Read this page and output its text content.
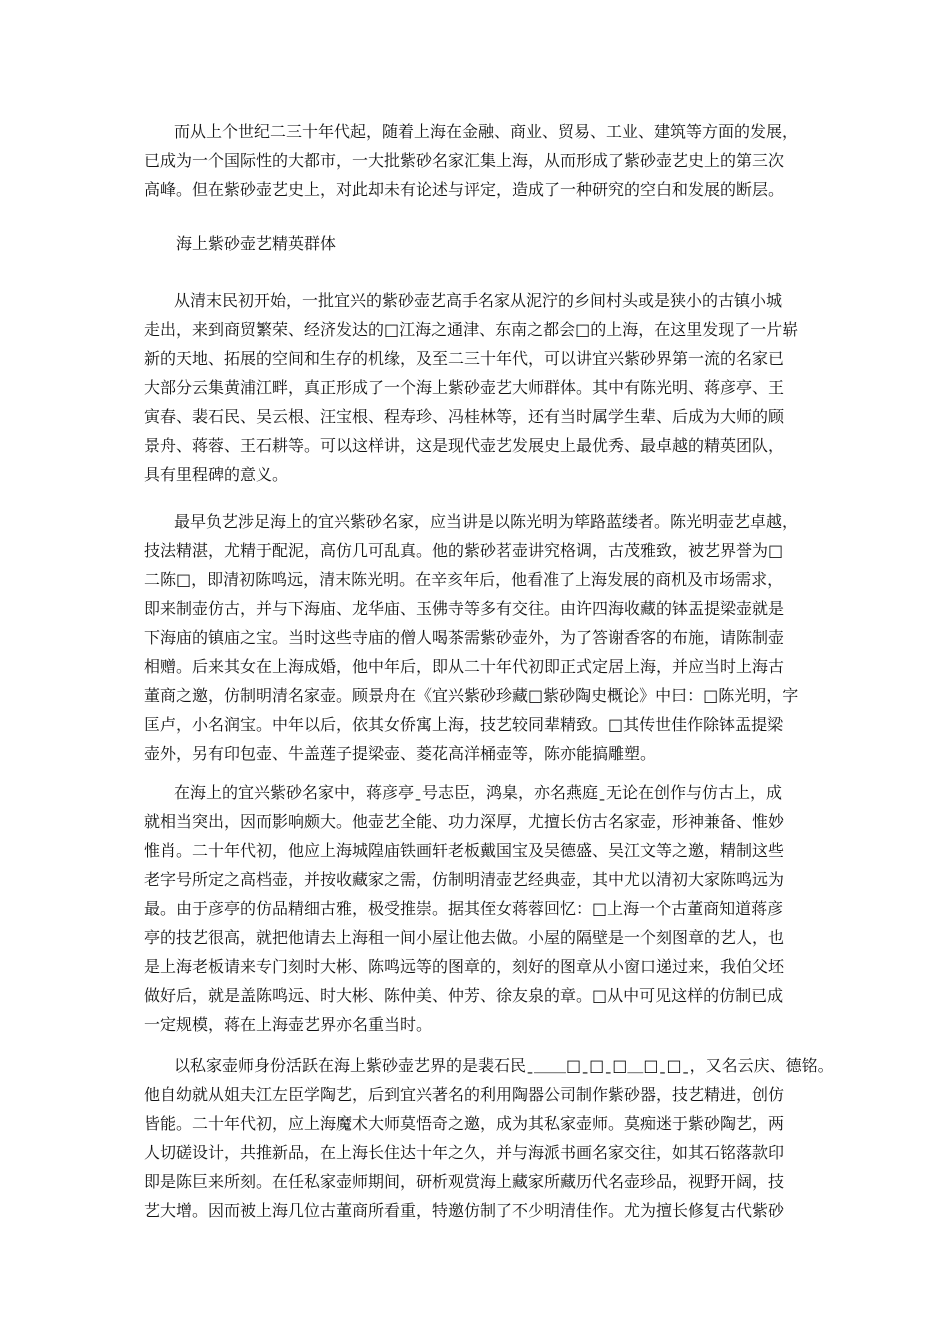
而从上个世纪二三十年代起，随着上海在金融、商业、贸易、工业、建筑等方面的发展，
已成为一个国际性的大都市，一大批紫砂名家汇集上海，从而形成了紫砂壶艺史上的第三次
高峰。但在紫砂壶艺史上，对此却未有论述与评定，造成了一种研究的空白和发展的断层。
海上紫砂壶艺精英群体
从清末民初开始，一批宜兴的紫砂壶艺高手名家从泥泞的乡间村头或是狭小的古镇小城
走出，来到商贸繁荣、经济发达的□江海之通津、东南之都会□的上海，在这里发现了一片崭
新的天地、拓展的空间和生存的机缘，及至二三十年代，可以讲宜兴紫砂界第一流的名家已
大部分云集黄浦江畔，真正形成了一个海上紫砂壶艺大师群体。其中有陈光明、蒋彦亭、王
寅春、裴石民、吴云根、汪宝根、程寿珍、冯桂林等，还有当时属学生辈、后成为大师的顾
景舟、蒋蓉、王石耕等。可以这样讲，这是现代壶艺发展史上最优秀、最卓越的精英团队，
具有里程碑的意义。
最早负艺涉足海上的宜兴紫砂名家，应当讲是以陈光明为筚路蓝缕者。陈光明壶艺卓越，
技法精湛，尤精于配泥，高仿几可乱真。他的紫砂茗壶讲究格调，古茂雅致，被艺界誉为□
二陈□，即清初陈鸣远，清末陈光明。在辛亥年后，他看准了上海发展的商机及市场需求，
即来制壶仿古，并与下海庙、龙华庙、玉佛寺等多有交往。由许四海收藏的钵盂提梁壶就是
下海庙的镇庙之宝。当时这些寺庙的僧人喝茶需紫砂壶外，为了答谢香客的布施，请陈制壶
相赠。后来其女在上海成婚，他中年后，即从二十年代初即正式定居上海，并应当时上海古
董商之邀，仿制明清名家壶。顾景舟在《宜兴紫砂珍藏□紫砂陶史概论》中曰：□陈光明，字
匡卢，小名润宝。中年以后，依其女侨寓上海，技艺较同辈精致。□其传世佳作除钵盂提梁
壶外，另有印包壶、牛盖莲子提梁壶、菱花高洋桶壶等，陈亦能搞雕塑。
在海上的宜兴紫砂名家中，蒋彦亭ˍ号志臣，鸿臬，亦名燕庭ˍ无论在创作与仿古上，成
就相当突出，因而影响颇大。他壶艺全能、功力深厚，尤擅长仿古名家壶，形神兼备、惟妙
惟肖。二十年代初，他应上海城隍庙铁画轩老板戴国宝及吴德盛、吴江文等之邀，精制这些
老字号所定之高档壶，并按收藏家之需，仿制明清壶艺经典壶，其中尤以清初大家陈鸣远为
最。由于彦亭的仿品精细古雅，极受推崇。据其侄女蒋蓉回忆：□上海一个古董商知道蒋彦
亭的技艺很高，就把他请去上海租一间小屋让他去做。小屋的隔壁是一个刻图章的艺人，也
是上海老板请来专门刻时大彬、陈鸣远等的图章的，刻好的图章从小窗口递过来，我伯父坯
做好后，就是盖陈鸣远、时大彬、陈仲美、仲芳、徐友泉的章。□从中可见这样的仿制已成
一定规模，蒋在上海壶艺界亦名重当时。
以私家壶师身份活跃在海上紫砂壶艺界的是裴石民ˍ＿＿□ˍ□ˍ□＿□ˍ□ˍ，又名云庆、德铭。
他自幼就从姐夫江左臣学陶艺，后到宜兴著名的利用陶器公司制作紫砂器，技艺精进，创仿
皆能。二十年代初，应上海魔术大师莫悟奇之邀，成为其私家壶师。莫痴迷于紫砂陶艺，两
人切磋设计，共推新品，在上海长住达十年之久，并与海派书画名家交往，如其石铭落款印
即是陈巨来所刻。在任私家壶师期间，研析观赏海上藏家所藏历代名壶珍品，视野开阔，技
艺大增。因而被上海几位古董商所看重，特邀仿制了不少明清佳作。尤为擅长修复古代紫砂
